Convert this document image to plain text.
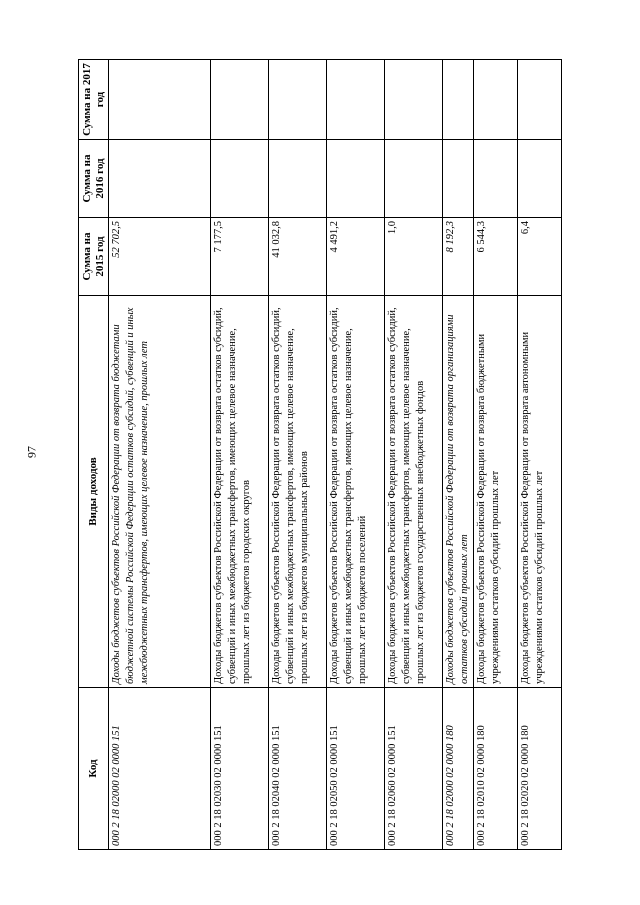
97
Код	Виды доходов	Сумма на 2015 год	Сумма на 2016 год	Сумма на 2017 год
000 2 18 02000 02 0000 151	Доходы бюджетов субъектов Российской Федерации от возврата бюджетами бюджетной системы Российской Федерации остатков субсидий, субвенций и иных межбюджетных трансфертов, имеющих целевое назначение, прошлых лет	52 702,5		
000 2 18 02030 02 0000 151	Доходы бюджетов субъектов Российской Федерации от возврата остатков субсидий, субвенций и иных межбюджетных трансфертов, имеющих целевое назначение, прошлых лет из бюджетов городских округов	7 177,5		
000 2 18 02040 02 0000 151	Доходы бюджетов субъектов Российской Федерации от возврата остатков субсидий, субвенций и иных межбюджетных трансфертов, имеющих целевое назначение, прошлых лет из бюджетов муниципальных районов	41 032,8		
000 2 18 02050 02 0000 151	Доходы бюджетов субъектов Российской Федерации от возврата остатков субсидий, субвенций и иных межбюджетных трансфертов, имеющих целевое назначение, прошлых лет из бюджетов поселений	4 491,2		
000 2 18 02060 02 0000 151	Доходы бюджетов субъектов Российской Федерации от возврата остатков субсидий, субвенций и иных межбюджетных трансфертов, имеющих целевое назначение, прошлых лет из бюджетов государственных внебюджетных фондов	1,0		
000 2 18 02000 02 0000 180	Доходы бюджетов субъектов Российской Федерации от возврата организациями остатков субсидий прошлых лет	8 192,3		
000 2 18 02010 02 0000 180	Доходы бюджетов субъектов Российской Федерации от возврата бюджетными учреждениями остатков субсидий прошлых лет	6 544,3		
000 2 18 02020 02 0000 180	Доходы бюджетов субъектов Российской Федерации от возврата автономными учреждениями остатков субсидий прошлых лет	6,4		
